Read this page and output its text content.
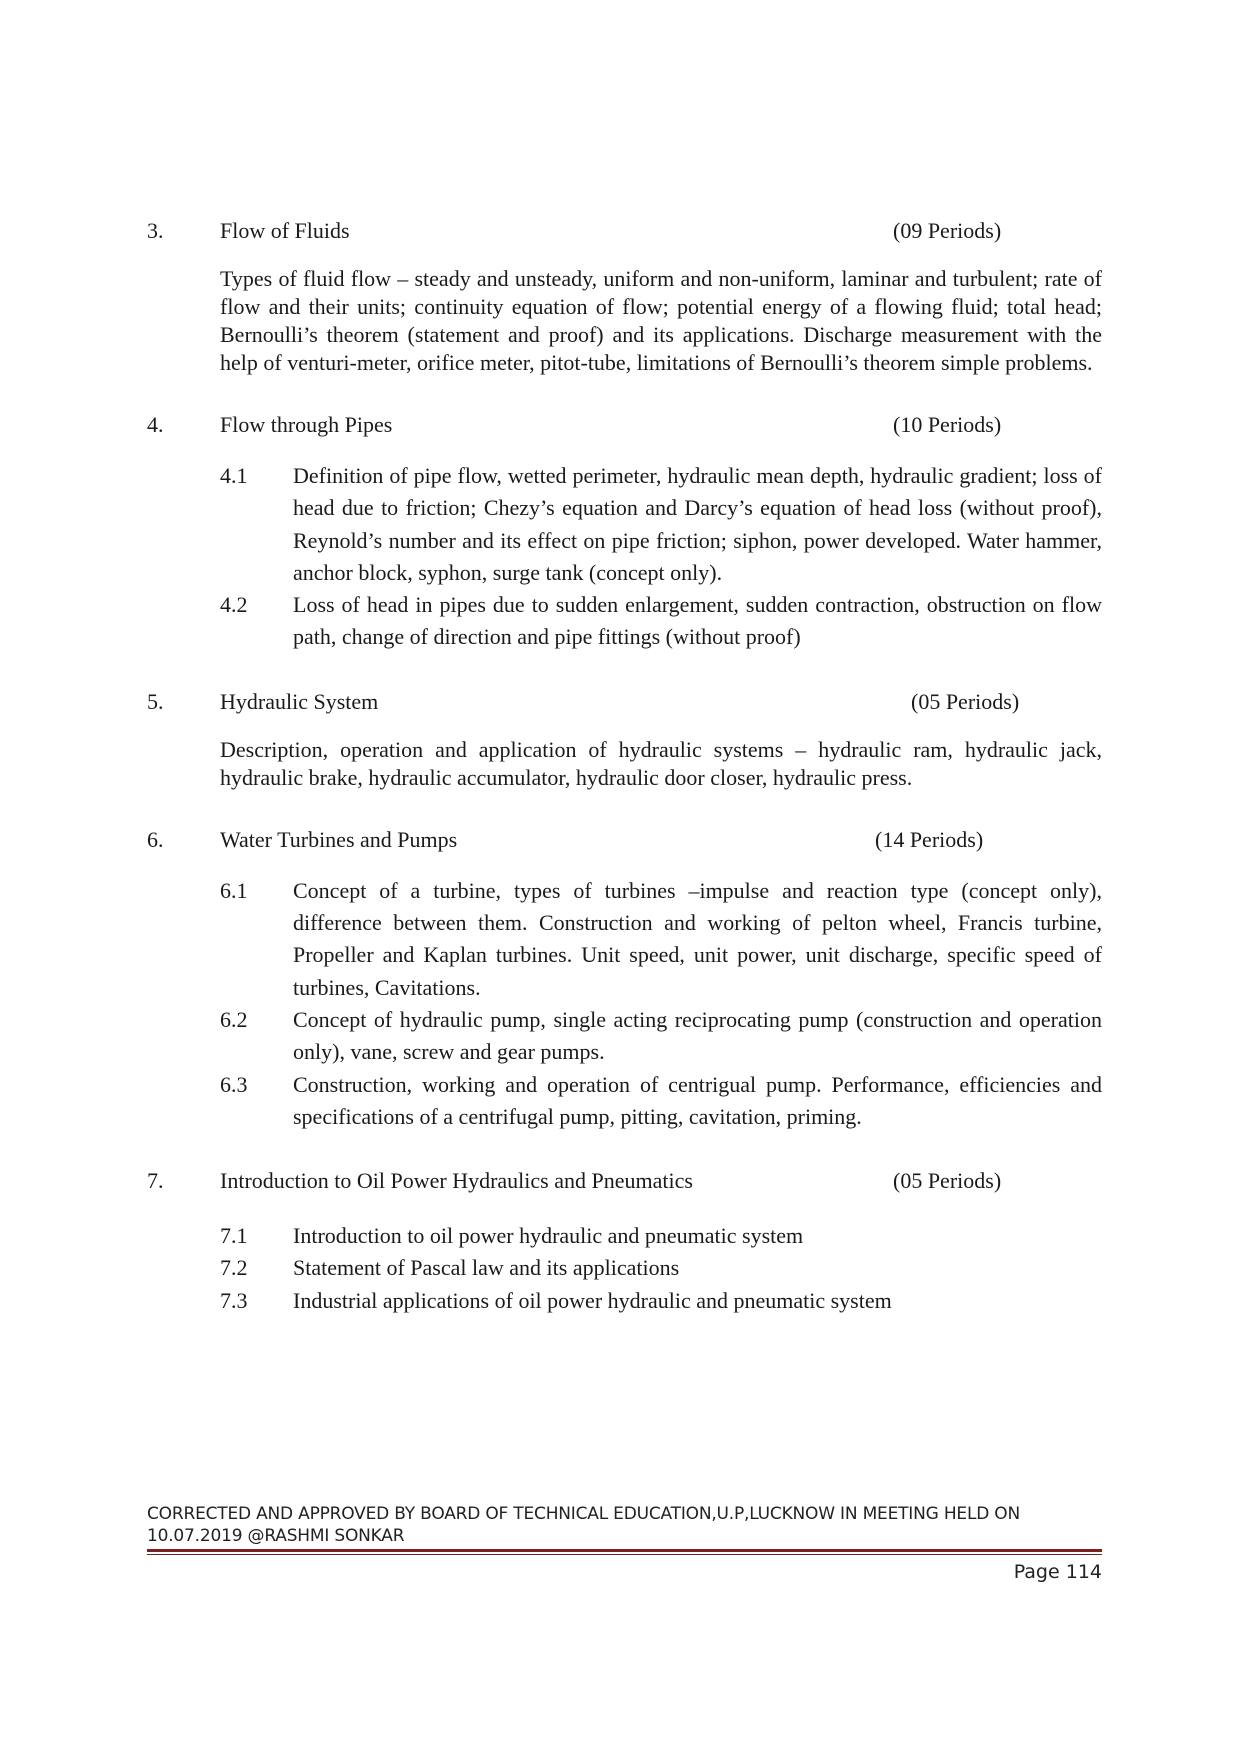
3.	Flow of Fluids	(09 Periods)
Types of fluid flow – steady and unsteady, uniform and non-uniform, laminar and turbulent; rate of flow and their units; continuity equation of flow; potential energy of a flowing fluid; total head; Bernoulli’s theorem (statement and proof) and its applications. Discharge measurement with the help of venturi-meter, orifice meter, pitot-tube, limitations of Bernoulli’s theorem simple problems.
4.	Flow through Pipes	(10 Periods)
4.1 Definition of pipe flow, wetted perimeter, hydraulic mean depth, hydraulic gradient; loss of head due to friction; Chezy’s equation and Darcy’s equation of head loss (without proof), Reynold’s number and its effect on pipe friction; siphon, power developed. Water hammer, anchor block, syphon, surge tank (concept only).
4.2 Loss of head in pipes due to sudden enlargement, sudden contraction, obstruction on flow path, change of direction and pipe fittings (without proof)
5.	Hydraulic System	(05 Periods)
Description, operation and application of hydraulic systems – hydraulic ram, hydraulic jack, hydraulic brake, hydraulic accumulator, hydraulic door closer, hydraulic press.
6.	Water Turbines and Pumps	(14 Periods)
6.1 Concept of a turbine, types of turbines –impulse and reaction type (concept only), difference between them. Construction and working of pelton wheel, Francis turbine, Propeller and Kaplan turbines. Unit speed, unit power, unit discharge, specific speed of turbines, Cavitations.
6.2 Concept of hydraulic pump, single acting reciprocating pump (construction and operation only), vane, screw and gear pumps.
6.3 Construction, working and operation of centrigual pump. Performance, efficiencies and specifications of a centrifugal pump, pitting, cavitation, priming.
7.	Introduction to Oil Power Hydraulics and Pneumatics	(05 Periods)
7.1 Introduction to oil power hydraulic and pneumatic system
7.2 Statement of Pascal law and its applications
7.3 Industrial applications of oil power hydraulic and pneumatic system
CORRECTED AND APPROVED BY BOARD OF TECHNICAL EDUCATION,U.P,LUCKNOW IN MEETING HELD ON
10.07.2019 @RASHMI SONKAR
Page 114
